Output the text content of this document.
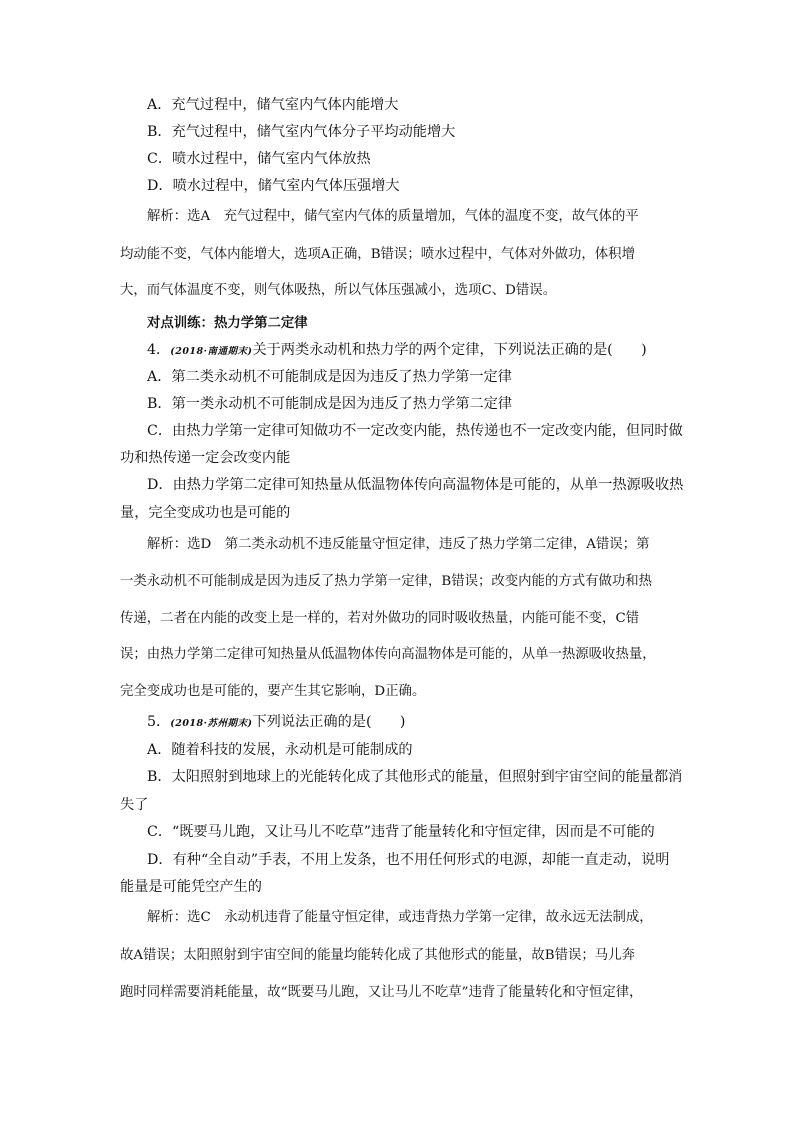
A．充气过程中，储气室内气体内能增大
B．充气过程中，储气室内气体分子平均动能增大
C．喷水过程中，储气室内气体放热
D．喷水过程中，储气室内气体压强增大
解析：选A　充气过程中，储气室内气体的质量增加，气体的温度不变，故气体的平
均动能不变，气体内能增大，选项A正确，B错误；喷水过程中，气体对外做功，体积增
大，而气体温度不变，则气体吸热，所以气体压强减小，选项C、D错误。
对点训练：热力学第二定律
4．(2018·南通期末)关于两类永动机和热力学的两个定律，下列说法正确的是(　　)
A．第二类永动机不可能制成是因为违反了热力学第一定律
B．第一类永动机不可能制成是因为违反了热力学第二定律
C．由热力学第一定律可知做功不一定改变内能，热传递也不一定改变内能，但同时做
功和热传递一定会改变内能
D．由热力学第二定律可知热量从低温物体传向高温物体是可能的，从单一热源吸收热
量，完全变成功也是可能的
解析：选D　第二类永动机不违反能量守恒定律，违反了热力学第二定律，A错误；第
一类永动机不可能制成是因为违反了热力学第一定律，B错误；改变内能的方式有做功和热
传递，二者在内能的改变上是一样的，若对外做功的同时吸收热量，内能可能不变，C错
误；由热力学第二定律可知热量从低温物体传向高温物体是可能的，从单一热源吸收热量，
完全变成功也是可能的，要产生其它影响，D正确。
5．(2018·苏州期末)下列说法正确的是(　　)
A．随着科技的发展，永动机是可能制成的
B．太阳照射到地球上的光能转化成了其他形式的能量，但照射到宇宙空间的能量都消
失了
C．“既要马儿跑，又让马儿不吃草”违背了能量转化和守恒定律，因而是不可能的
D．有种“全自动”手表，不用上发条，也不用任何形式的电源，却能一直走动，说明
能量是可能凭空产生的
解析：选C　永动机违背了能量守恒定律，或违背热力学第一定律，故永远无法制成，
故A错误；太阳照射到宇宙空间的能量均能转化成了其他形式的能量，故B错误；马儿奔
跑时同样需要消耗能量，故“既要马儿跑，又让马儿不吃草”违背了能量转化和守恒定律，
